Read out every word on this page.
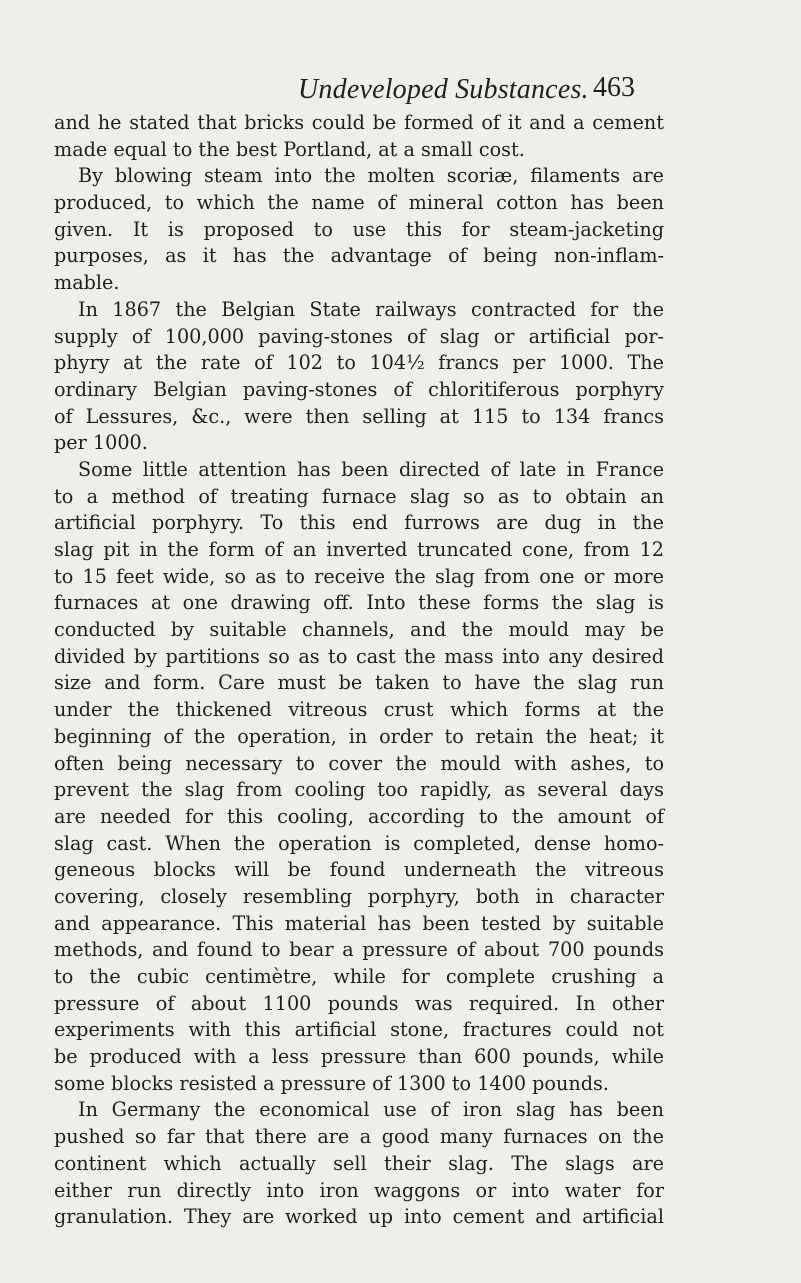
Undeveloped Substances. 463
and he stated that bricks could be formed of it and a cement
made equal to the best Portland, at a small cost.
By blowing steam into the molten scoriæ, filaments are
produced, to which the name of mineral cotton has been
given. It is proposed to use this for steam-jacketing
purposes, as it has the advantage of being non-inflam-
mable.
In 1867 the Belgian State railways contracted for the
supply of 100,000 paving-stones of slag or artificial por-
phyry at the rate of 102 to 104½ francs per 1000. The
ordinary Belgian paving-stones of chloritiferous porphyry
of Lessures, &c., were then selling at 115 to 134 francs
per 1000.
Some little attention has been directed of late in France
to a method of treating furnace slag so as to obtain an
artificial porphyry. To this end furrows are dug in the
slag pit in the form of an inverted truncated cone, from 12
to 15 feet wide, so as to receive the slag from one or more
furnaces at one drawing off. Into these forms the slag is
conducted by suitable channels, and the mould may be
divided by partitions so as to cast the mass into any desired
size and form. Care must be taken to have the slag run
under the thickened vitreous crust which forms at the
beginning of the operation, in order to retain the heat; it
often being necessary to cover the mould with ashes, to
prevent the slag from cooling too rapidly, as several days
are needed for this cooling, according to the amount of
slag cast. When the operation is completed, dense homo-
geneous blocks will be found underneath the vitreous
covering, closely resembling porphyry, both in character
and appearance. This material has been tested by suitable
methods, and found to bear a pressure of about 700 pounds
to the cubic centimètre, while for complete crushing a
pressure of about 1100 pounds was required. In other
experiments with this artificial stone, fractures could not
be produced with a less pressure than 600 pounds, while
some blocks resisted a pressure of 1300 to 1400 pounds.
In Germany the economical use of iron slag has been
pushed so far that there are a good many furnaces on the
continent which actually sell their slag. The slags are
either run directly into iron waggons or into water for
granulation. They are worked up into cement and artificial
